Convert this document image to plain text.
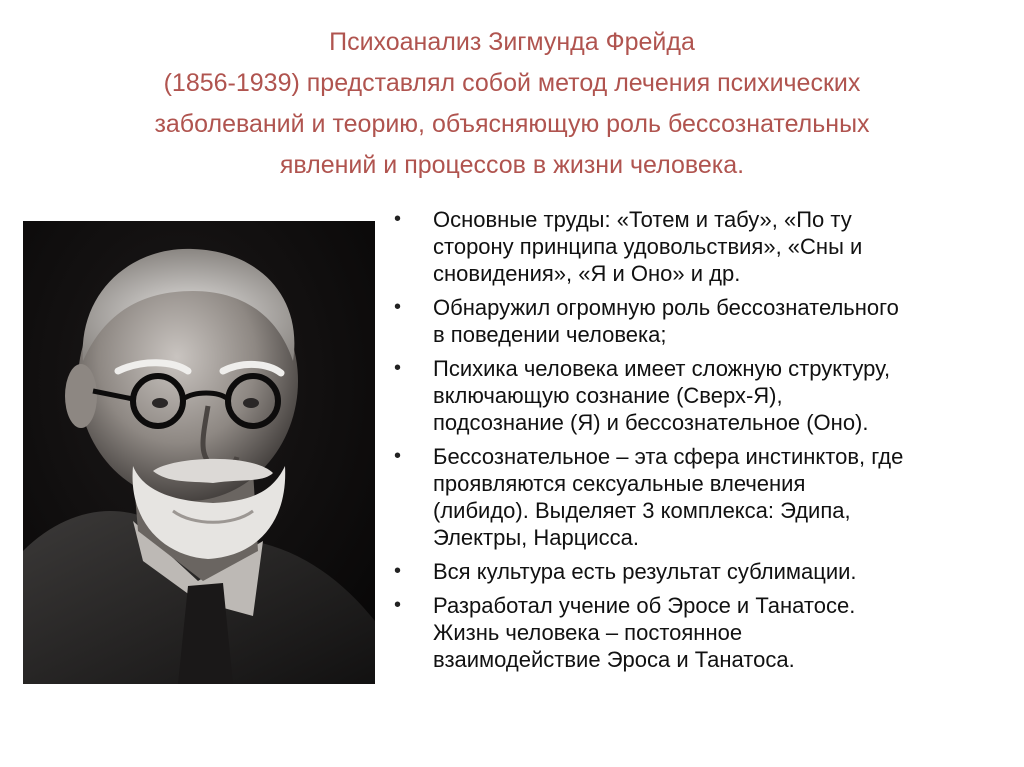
Психоанализ Зигмунда Фрейда
(1856-1939) представлял собой метод лечения психических
заболеваний и теорию, объясняющую роль бессознательных
явлений и процессов в жизни человека.
•	Основные труды: «Тотем и табу», «По ту
сторону принципа удовольствия», «Сны и
сновидения», «Я и Оно» и др.
•	Обнаружил огромную роль бессознательного
в поведении человека;
•	Психика человека имеет сложную структуру,
включающую сознание (Сверх-Я),
подсознание (Я) и бессознательное (Оно).
•	Бессознательное – эта сфера инстинктов, где
проявляются сексуальные влечения
(либидо). Выделяет 3 комплекса: Эдипа,
Электры, Нарцисса.
•	Вся культура есть результат сублимации.
•	Разработал учение об Эросе и Танатосе.
Жизнь человека – постоянное
взаимодействие Эроса и Танатоса.
